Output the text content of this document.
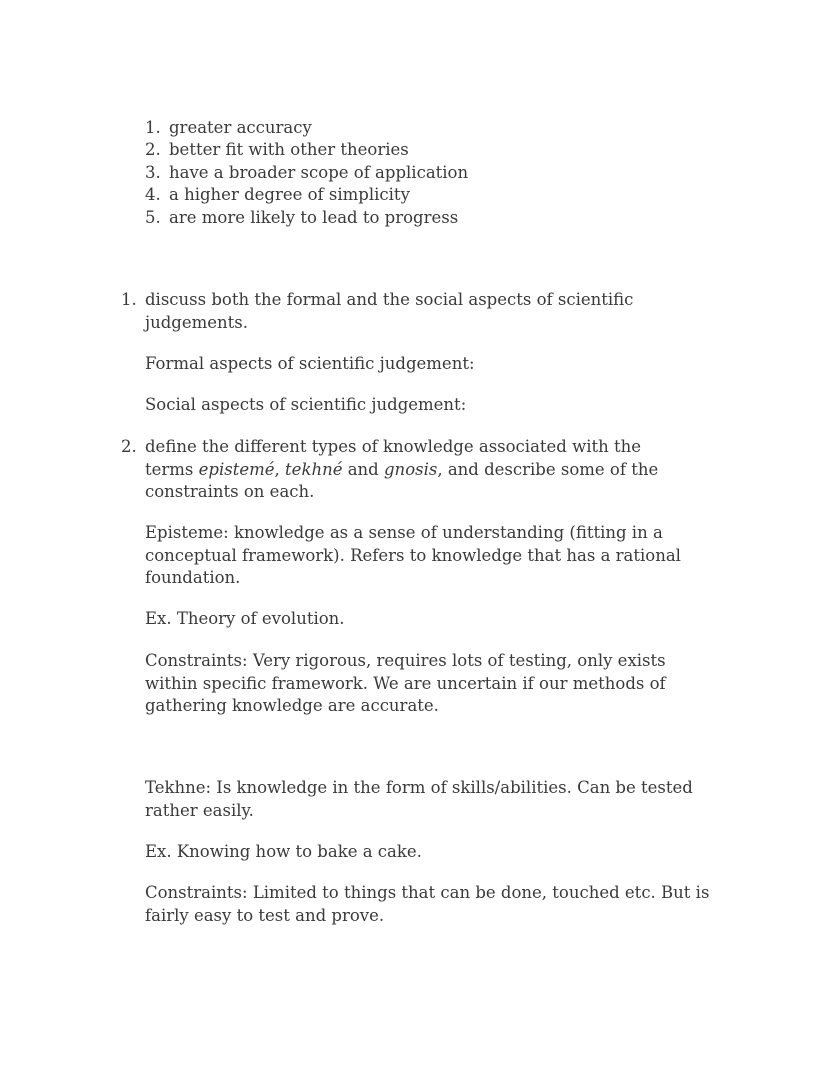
1. greater accuracy
2. better fit with other theories
3. have a broader scope of application
4. a higher degree of simplicity
5. are more likely to lead to progress
1. discuss both the formal and the social aspects of scientific
judgements.
Formal aspects of scientific judgement:
Social aspects of scientific judgement:
2. define the different types of knowledge associated with the
terms epistemé, tekhné and gnosis, and describe some of the
constraints on each.
Episteme: knowledge as a sense of understanding (fitting in a
conceptual framework). Refers to knowledge that has a rational
foundation.
Ex. Theory of evolution.
Constraints: Very rigorous, requires lots of testing, only exists
within specific framework. We are uncertain if our methods of
gathering knowledge are accurate.
Tekhne: Is knowledge in the form of skills/abilities. Can be tested
rather easily.
Ex. Knowing how to bake a cake.
Constraints: Limited to things that can be done, touched etc. But is
fairly easy to test and prove.
